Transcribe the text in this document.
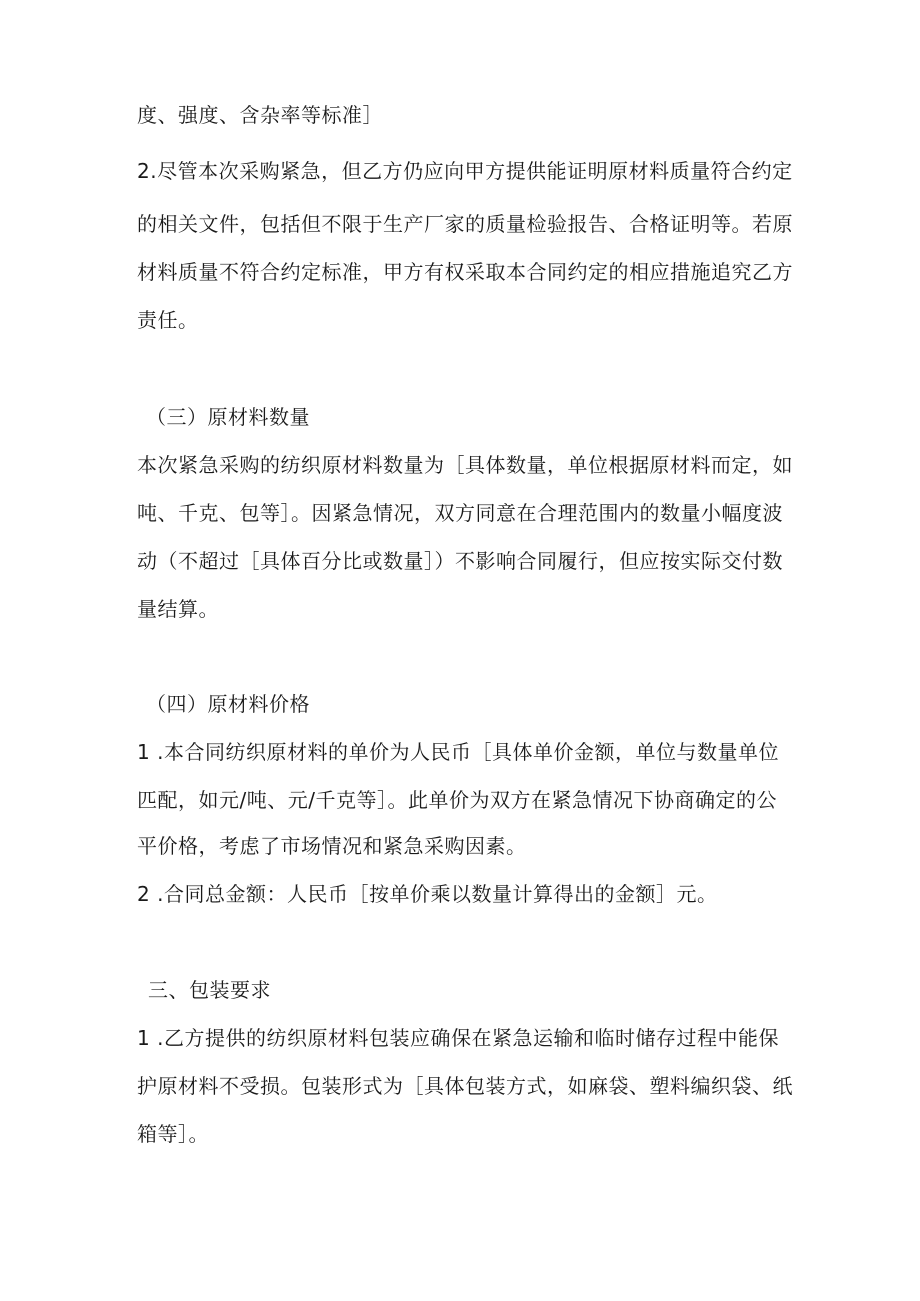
度、强度、含杂率等标准］
2.尽管本次采购紧急，但乙方仍应向甲方提供能证明原材料质量符合约定
的相关文件，包括但不限于生产厂家的质量检验报告、合格证明等。若原
材料质量不符合约定标准，甲方有权采取本合同约定的相应措施追究乙方
责任。
（三）原材料数量
本次紧急采购的纺织原材料数量为［具体数量，单位根据原材料而定，如
吨、千克、包等］。因紧急情况，双方同意在合理范围内的数量小幅度波
动（不超过［具体百分比或数量］）不影响合同履行，但应按实际交付数
量结算。
（四）原材料价格
1 .本合同纺织原材料的单价为人民币［具体单价金额，单位与数量单位
匹配，如元/吨、元/千克等］。此单价为双方在紧急情况下协商确定的公
平价格，考虑了市场情况和紧急采购因素。
2 .合同总金额：人民币［按单价乘以数量计算得出的金额］元。
三、包装要求
1 .乙方提供的纺织原材料包装应确保在紧急运输和临时储存过程中能保
护原材料不受损。包装形式为［具体包装方式，如麻袋、塑料编织袋、纸
箱等］。
